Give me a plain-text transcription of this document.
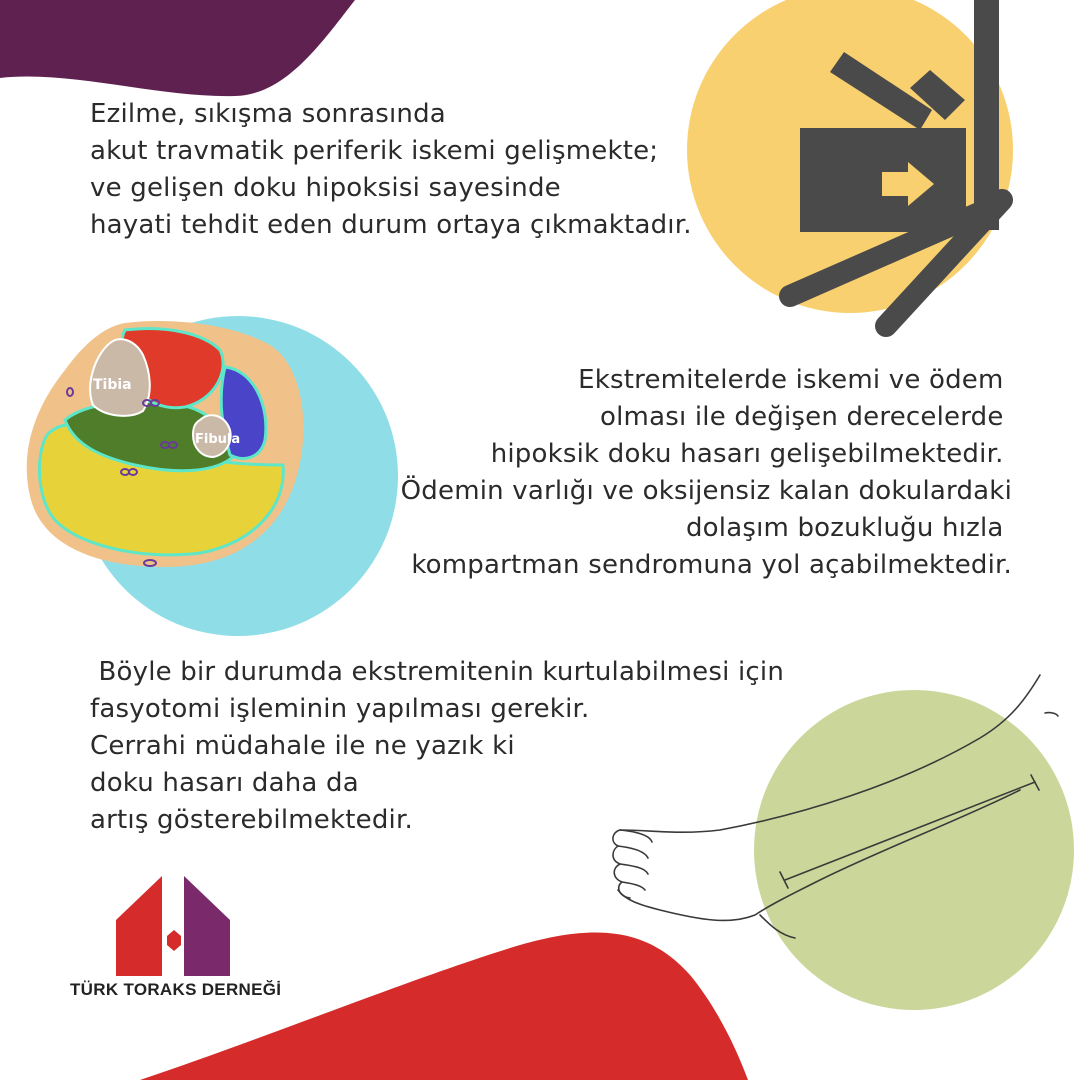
Tibia
Fibula
Ezilme, sıkışma sonrasında
akut travmatik periferik iskemi gelişmekte;
ve gelişen doku hipoksisi sayesinde
hayati tehdit eden durum ortaya çıkmaktadır.
Ekstremitelerde iskemi ve ödem
olması ile değişen derecelerde
hipoksik doku hasarı gelişebilmektedir.
Ödemin varlığı ve oksijensiz kalan dokulardaki
dolaşım bozukluğu hızla
kompartman sendromuna yol açabilmektedir.
Böyle bir durumda ekstremitenin kurtulabilmesi için
fasyotomi işleminin yapılması gerekir.
Cerrahi müdahale ile ne yazık ki
doku hasarı daha da
artış gösterebilmektedir.
TÜRK TORAKS DERNEĞİ
